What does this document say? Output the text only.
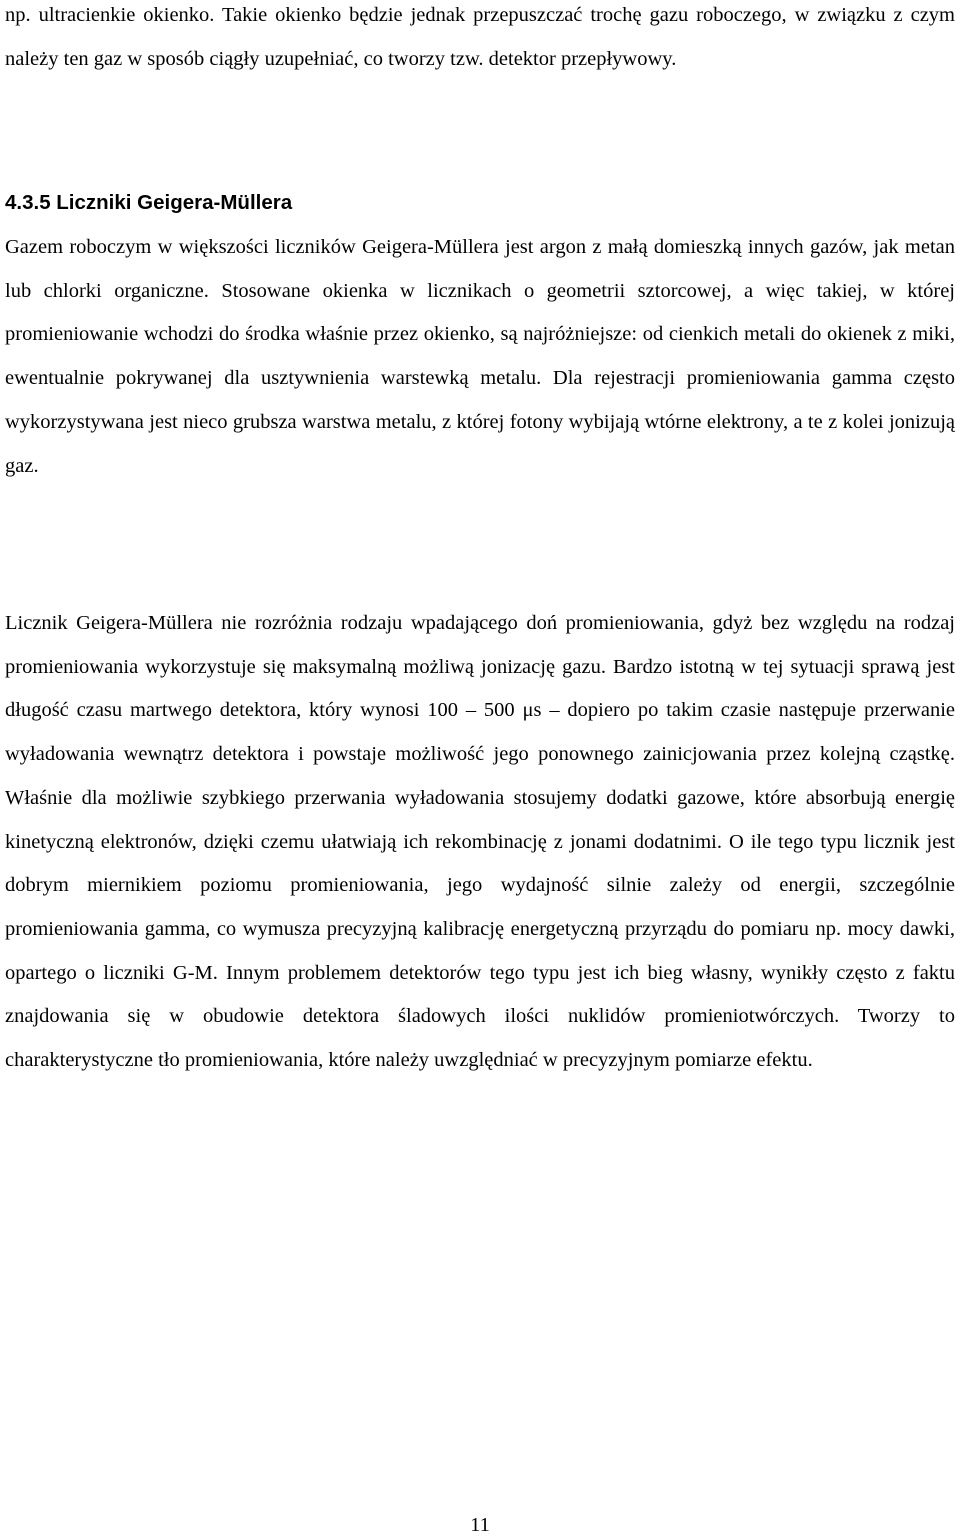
np. ultracienkie okienko. Takie okienko będzie jednak przepuszczać trochę gazu roboczego, w związku z czym należy ten gaz w sposób ciągły uzupełniać, co tworzy tzw. detektor przepływowy.

4.3.5 Liczniki Geigera-Müllera

Gazem roboczym w większości liczników Geigera-Müllera jest argon z małą domieszką innych gazów, jak metan lub chlorki organiczne. Stosowane okienka w licznikach o geometrii sztorcowej, a więc takiej, w której promieniowanie wchodzi do środka właśnie przez okienko, są najróżniejsze: od cienkich metali do okienek z miki, ewentualnie pokrywanej dla usztywnienia warstewką metalu. Dla rejestracji promieniowania gamma często wykorzystywana jest nieco grubsza warstwa metalu, z której fotony wybijają wtórne elektrony, a te z kolei jonizują gaz.

Licznik Geigera-Müllera nie rozróżnia rodzaju wpadającego doń promieniowania, gdyż bez względu na rodzaj promieniowania wykorzystuje się maksymalną możliwą jonizację gazu. Bardzo istotną w tej sytuacji sprawą jest długość czasu martwego detektora, który wynosi 100 – 500 μs – dopiero po takim czasie następuje przerwanie wyładowania wewnątrz detektora i powstaje możliwość jego ponownego zainicjowania przez kolejną cząstkę. Właśnie dla możliwie szybkiego przerwania wyładowania stosujemy dodatki gazowe, które absorbują energię kinetyczną elektronów, dzięki czemu ułatwiają ich rekombinację z jonami dodatnimi. O ile tego typu licznik jest dobrym miernikiem poziomu promieniowania, jego wydajność silnie zależy od energii, szczególnie promieniowania gamma, co wymusza precyzyjną kalibrację energetyczną przyrządu do pomiaru np. mocy dawki, opartego o liczniki G-M. Innym problemem detektorów tego typu jest ich bieg własny, wynikły często z faktu znajdowania się w obudowie detektora śladowych ilości nuklidów promieniotwórczych. Tworzy to charakterystyczne tło promieniowania, które należy uwzględniać w precyzyjnym pomiarze efektu.

11
